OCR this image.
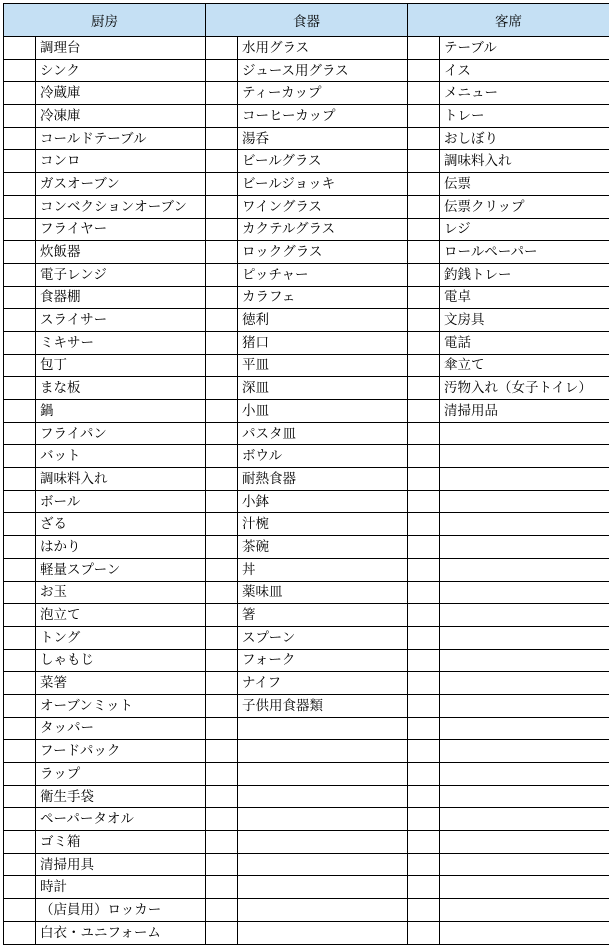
厨房		食器		客席	
	調理台		水用グラス		テーブル
	シンク		ジュース用グラス		イス
	冷蔵庫		ティーカップ		メニュー
	冷凍庫		コーヒーカップ		トレー
	コールドテーブル		湯呑		おしぼり
	コンロ		ビールグラス		調味料入れ
	ガスオーブン		ビールジョッキ		伝票
	コンベクションオーブン		ワイングラス		伝票クリップ
	フライヤー		カクテルグラス		レジ
	炊飯器		ロックグラス		ロールペーパー
	電子レンジ		ピッチャー		釣銭トレー
	食器棚		カラフェ		電卓
	スライサー		徳利		文房具
	ミキサー		猪口		電話
	包丁		平皿		傘立て
	まな板		深皿		汚物入れ（女子トイレ）
	鍋		小皿		清掃用品
	フライパン		パスタ皿		
	バット		ボウル		
	調味料入れ		耐熱食器		
	ボール		小鉢		
	ざる		汁椀		
	はかり		茶碗		
	軽量スプーン		丼		
	お玉		薬味皿		
	泡立て		箸		
	トング		スプーン		
	しゃもじ		フォーク		
	菜箸		ナイフ		
	オーブンミット		子供用食器類		
	タッパー				
	フードパック				
	ラップ				
	衛生手袋				
	ペーパータオル				
	ゴミ箱				
	清掃用具				
	時計				
	（店員用）ロッカー				
	白衣・ユニフォーム				
